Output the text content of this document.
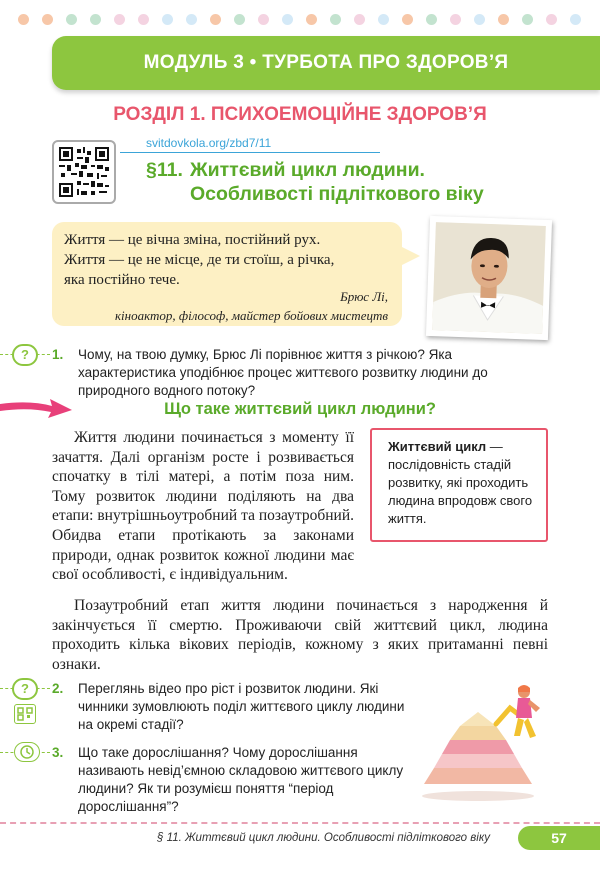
МОДУЛЬ 3 • ТУРБОТА ПРО ЗДОРОВ’Я
РОЗДІЛ 1. ПСИХОЕМОЦІЙНЕ ЗДОРОВ’Я
svitdovkola.org/zbd7/11
§11. Життєвий цикл людини.
Особливості підліткового віку
Життя — це вічна зміна, постійний рух.
Життя — це не місце, де ти стоїш, а річка,
яка постійно тече.
Брюс Лі,
кіноактор, філософ, майстер бойових мистецтв
?	1.	Чому, на твою думку, Брюс Лі порівнює життя з річкою? Яка характеристика уподібнює процес життєвого розвитку людини до природного водного потоку?
Що таке життєвий цикл людини?

Життя людини починається з моменту її зачаття. Далі організм росте і розвивається спочатку в тілі матері, а потім поза ним. Тому розвиток людини поділяють на два етапи: внутрішньоутробний та позаутробний. Обидва етапи протікають за законами природи, однак розвиток кожної людини має свої особливості, є індивідуальним.

Життєвий цикл — послідовність стадій розвитку, які проходить людина впродовж свого життя.

Позаутробний етап життя людини починається з народження й закінчується її смертю. Проживаючи свій життєвий цикл, людина проходить кілька вікових періодів, кожному з яких притаманні певні ознаки.

?	2.	Переглянь відео про ріст і розвиток людини. Які чинники зумовлюють поділ життєвого циклу людини на окремі стадії?
3.	Що таке дорослішання? Чому дорослішання називають невід’ємною складовою життєвого циклу людини? Як ти розумієш поняття “період дорослішання”?
§ 11. Життєвий цикл людини. Особливості підліткового віку	57
